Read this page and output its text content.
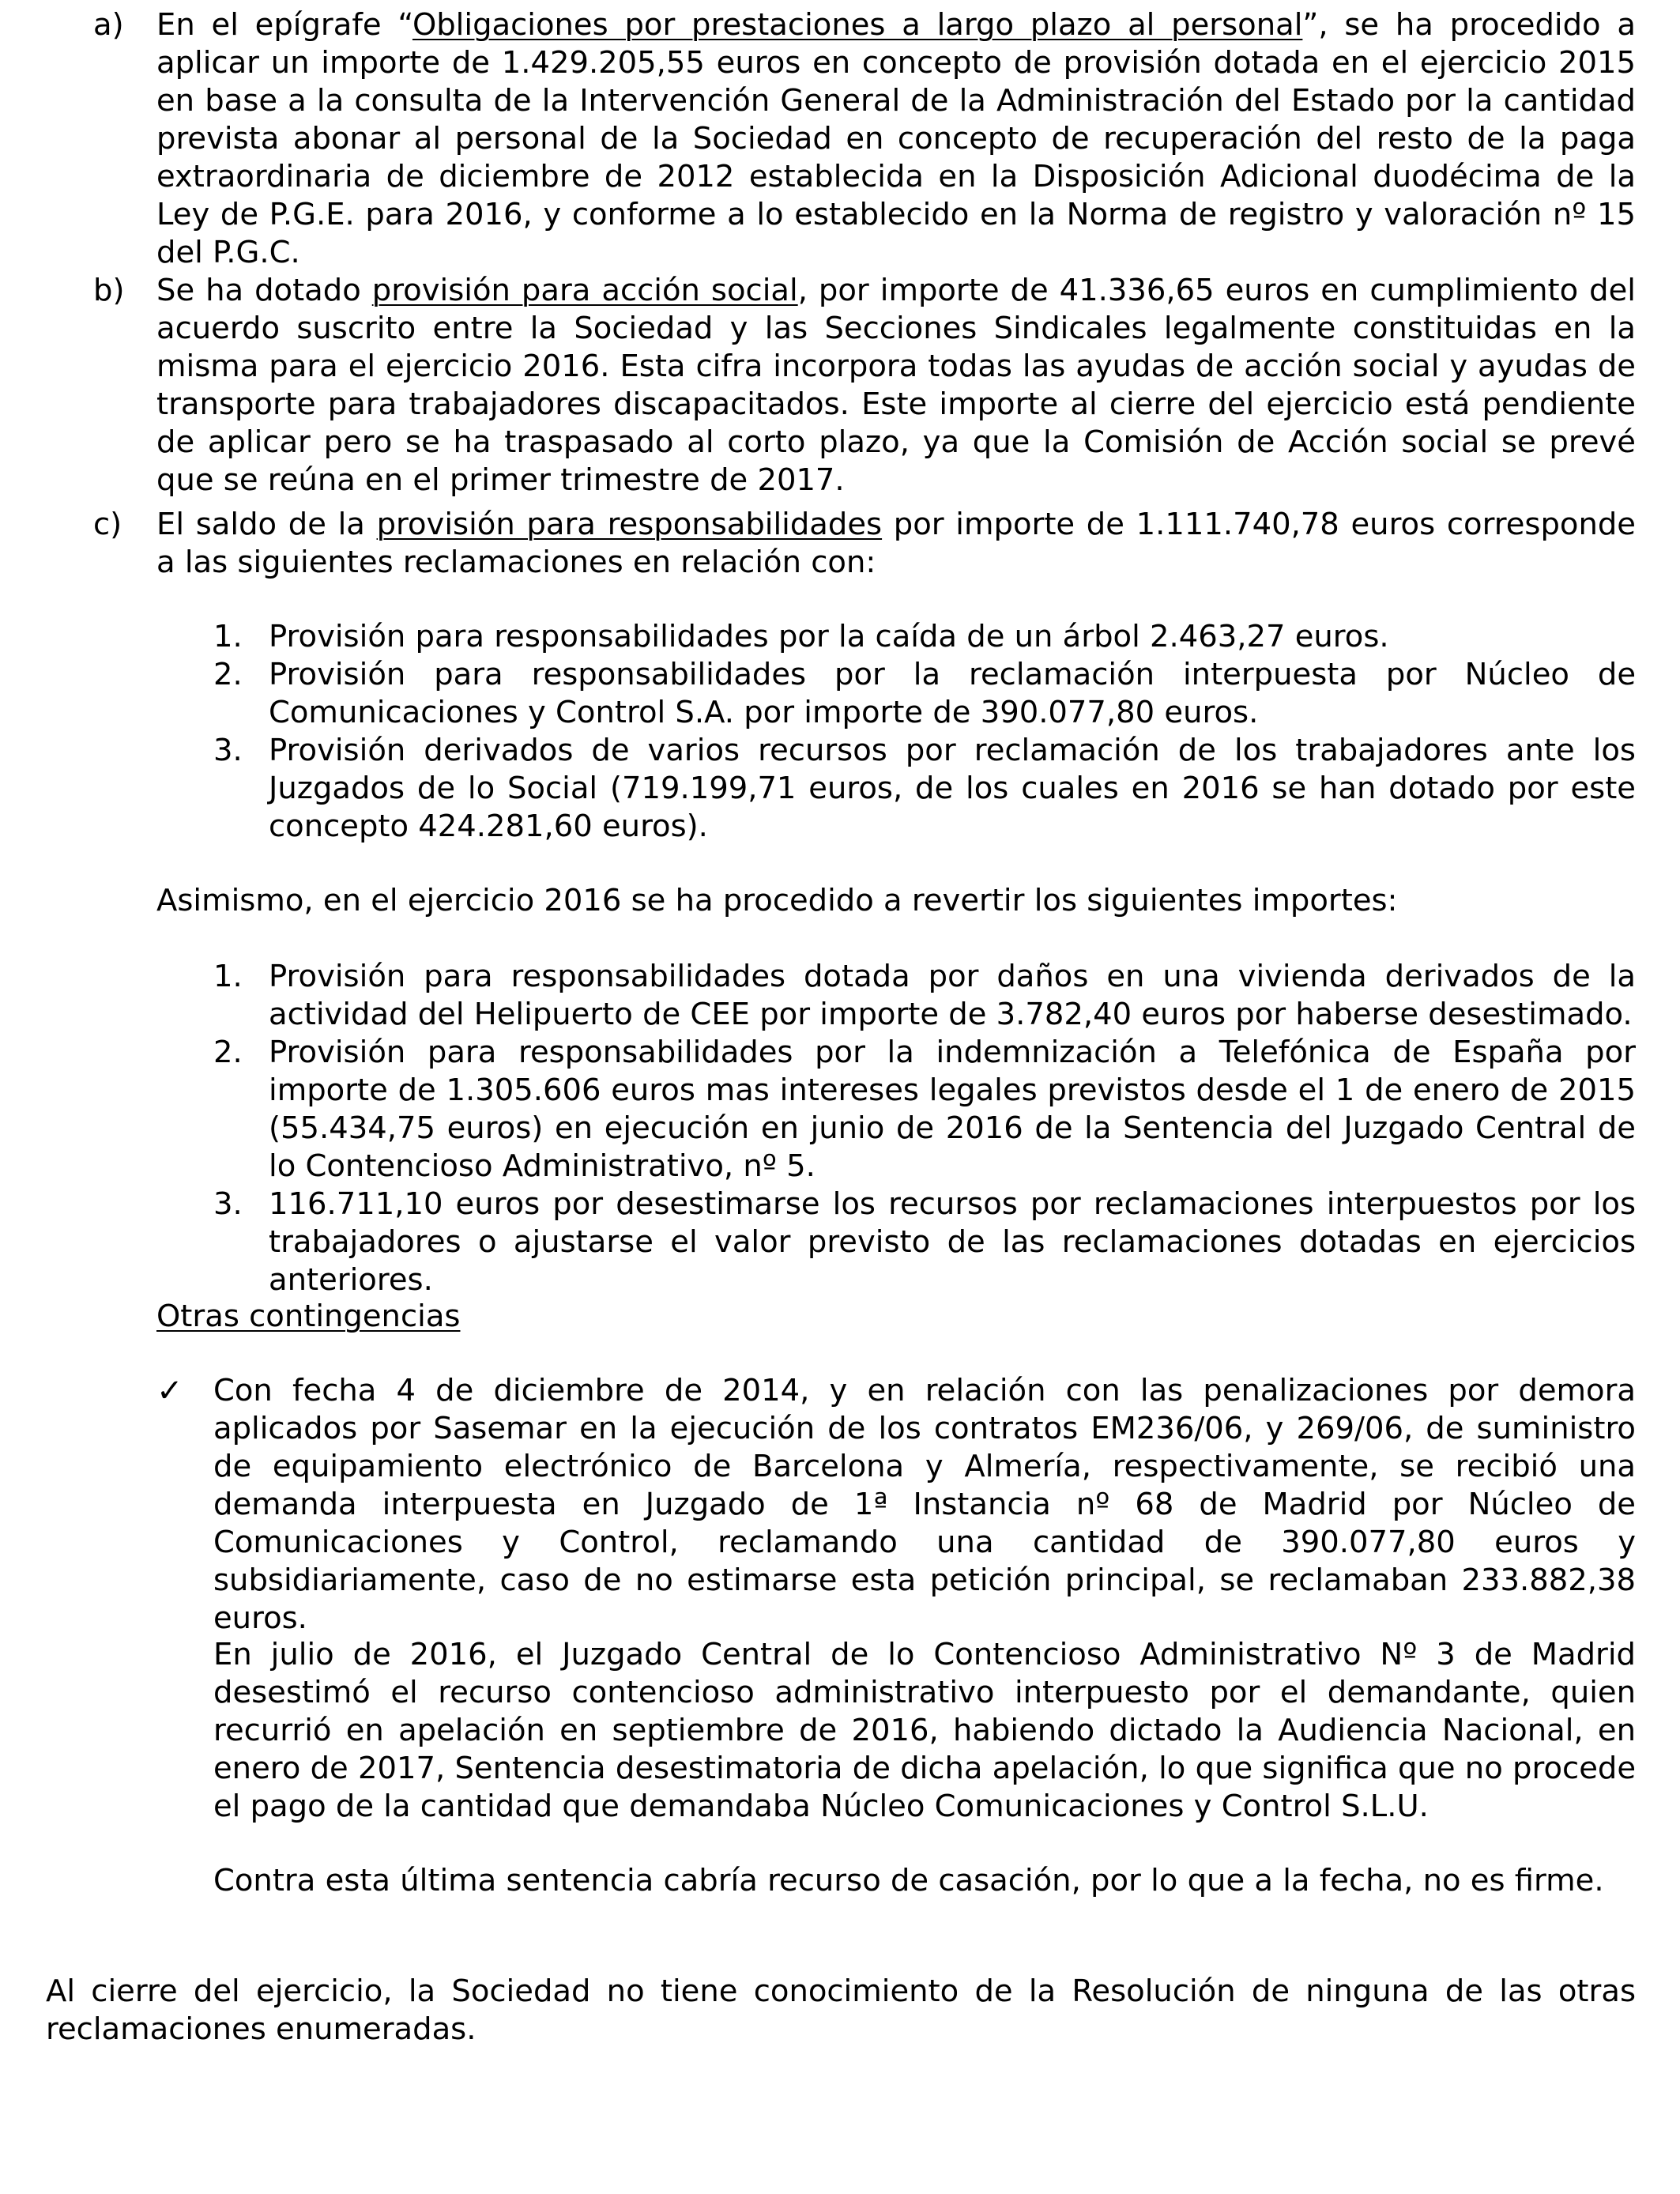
a) En el epígrafe “Obligaciones por prestaciones a largo plazo al personal”, se ha procedido a aplicar un importe de 1.429.205,55 euros en concepto de provisión dotada en el ejercicio 2015 en base a la consulta de la Intervención General de la Administración del Estado por la cantidad prevista abonar al personal de la Sociedad en concepto de recuperación del resto de la paga extraordinaria de diciembre de 2012 establecida en la Disposición Adicional duodécima de la Ley de P.G.E. para 2016, y conforme a lo establecido en la Norma de registro y valoración nº 15 del P.G.C.

b) Se ha dotado provisión para acción social, por importe de 41.336,65 euros en cumplimiento del acuerdo suscrito entre la Sociedad y las Secciones Sindicales legalmente constituidas en la misma para el ejercicio 2016. Esta cifra incorpora todas las ayudas de acción social y ayudas de transporte para trabajadores discapacitados. Este importe al cierre del ejercicio está pendiente de aplicar pero se ha traspasado al corto plazo, ya que la Comisión de Acción social se prevé que se reúna en el primer trimestre de 2017.

c) El saldo de la provisión para responsabilidades por importe de 1.111.740,78 euros corresponde a las siguientes reclamaciones en relación con:

1. Provisión para responsabilidades por la caída de un árbol 2.463,27 euros.

2. Provisión para responsabilidades por la reclamación interpuesta por Núcleo de Comunicaciones y Control S.A. por importe de 390.077,80 euros.

3. Provisión derivados de varios recursos por reclamación de los trabajadores ante los Juzgados de lo Social (719.199,71 euros, de los cuales en 2016 se han dotado por este concepto 424.281,60 euros).

Asimismo, en el ejercicio 2016 se ha procedido a revertir los siguientes importes:

1. Provisión para responsabilidades dotada por daños en una vivienda derivados de la actividad del Helipuerto de CEE por importe de 3.782,40 euros por haberse desestimado.

2. Provisión para responsabilidades por la indemnización a Telefónica de España por importe de 1.305.606 euros mas intereses legales previstos desde el 1 de enero de 2015 (55.434,75 euros) en ejecución en junio de 2016 de la Sentencia del Juzgado Central de lo Contencioso Administrativo, nº 5.

3. 116.711,10 euros por desestimarse los recursos por reclamaciones interpuestos por los trabajadores o ajustarse el valor previsto de las reclamaciones dotadas en ejercicios anteriores.

Otras contingencias

✓ Con fecha 4 de diciembre de 2014, y en relación con las penalizaciones por demora aplicados por Sasemar en la ejecución de los contratos EM236/06, y 269/06, de suministro de equipamiento electrónico de Barcelona y Almería, respectivamente, se recibió una demanda interpuesta en Juzgado de 1ª Instancia nº 68 de Madrid por Núcleo de Comunicaciones y Control, reclamando una cantidad de 390.077,80 euros y subsidiariamente, caso de no estimarse esta petición principal, se reclamaban 233.882,38 euros.

En julio de 2016, el Juzgado Central de lo Contencioso Administrativo Nº 3 de Madrid desestimó el recurso contencioso administrativo interpuesto por el demandante, quien recurrió en apelación en septiembre de 2016, habiendo dictado la Audiencia Nacional, en enero de 2017, Sentencia desestimatoria de dicha apelación, lo que significa que no procede el pago de la cantidad que demandaba Núcleo Comunicaciones y Control S.L.U.

Contra esta última sentencia cabría recurso de casación, por lo que a la fecha, no es firme.

Al cierre del ejercicio, la Sociedad no tiene conocimiento de la Resolución de ninguna de las otras reclamaciones enumeradas.
